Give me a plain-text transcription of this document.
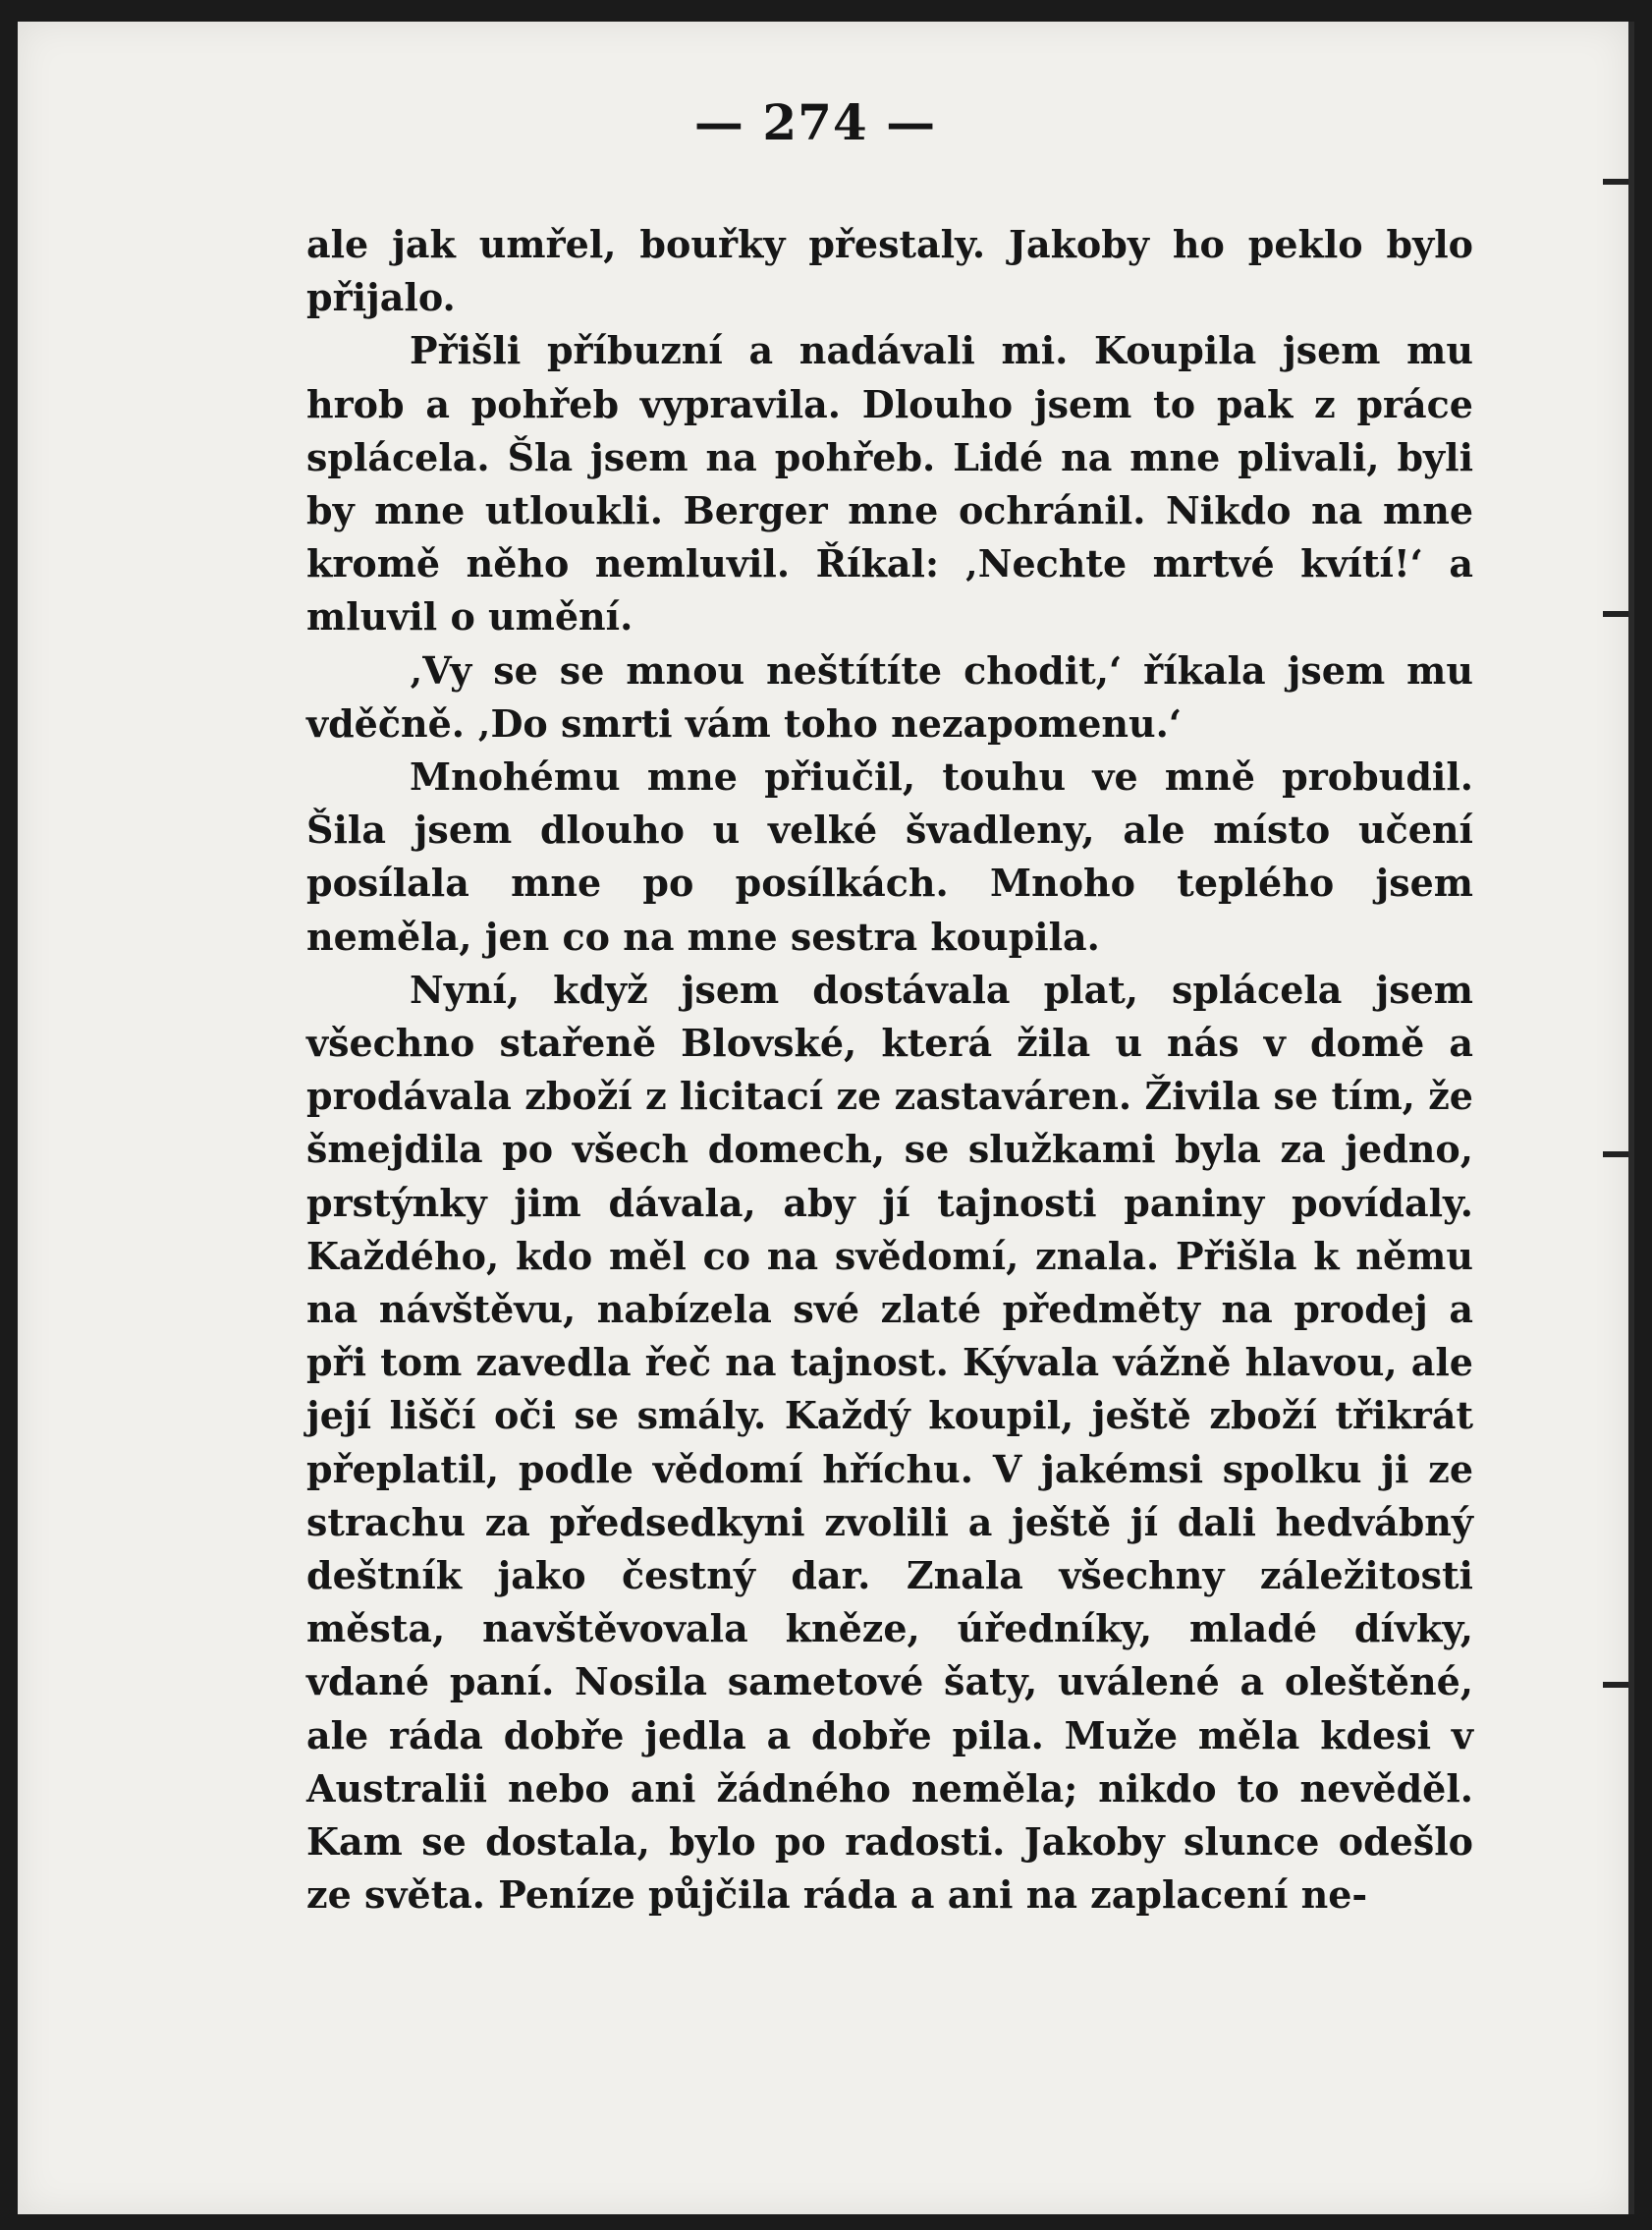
— 274 —

ale jak umřel, bouřky přestaly. Jakoby ho peklo bylo přijalo.

Přišli příbuzní a nadávali mi. Koupila jsem mu hrob a pohřeb vypravila. Dlouho jsem to pak z práce splácela. Šla jsem na pohřeb. Lidé na mne plivali, byli by mne utloukli. Berger mne ochránil. Nikdo na mne kromě něho nemluvil. Říkal: ‚Nechte mrtvé kvítí!‘ a mluvil o umění.

‚Vy se se mnou neštítíte chodit,‘ říkala jsem mu vděčně. ‚Do smrti vám toho nezapomenu.‘

Mnohému mne přiučil, touhu ve mně probudil. Šila jsem dlouho u velké švadleny, ale místo učení posílala mne po posílkách. Mnoho teplého jsem neměla, jen co na mne sestra koupila.

Nyní, když jsem dostávala plat, splácela jsem všechno stařeně Blovské, která žila u nás v domě a prodávala zboží z licitací ze zastaváren. Živila se tím, že šmejdila po všech domech, se služkami byla za jedno, prstýnky jim dávala, aby jí tajnosti paniny povídaly. Každého, kdo měl co na svědomí, znala. Přišla k němu na návštěvu, nabízela své zlaté předměty na prodej a při tom zavedla řeč na tajnost. Kývala vážně hlavou, ale její liščí oči se smály. Každý koupil, ještě zboží třikrát přeplatil, podle vědomí hříchu. V jakémsi spolku ji ze strachu za předsedkyni zvolili a ještě jí dali hedvábný deštník jako čestný dar. Znala všechny záležitosti města, navštěvovala kněze, úředníky, mladé dívky, vdané paní. Nosila sametové šaty, uválené a oleštěné, ale ráda dobře jedla a dobře pila. Muže měla kdesi v Australii nebo ani žádného neměla; nikdo to nevěděl. Kam se dostala, bylo po radosti. Jakoby slunce odešlo ze světa. Peníze půjčila ráda a ani na zaplacení ne-
